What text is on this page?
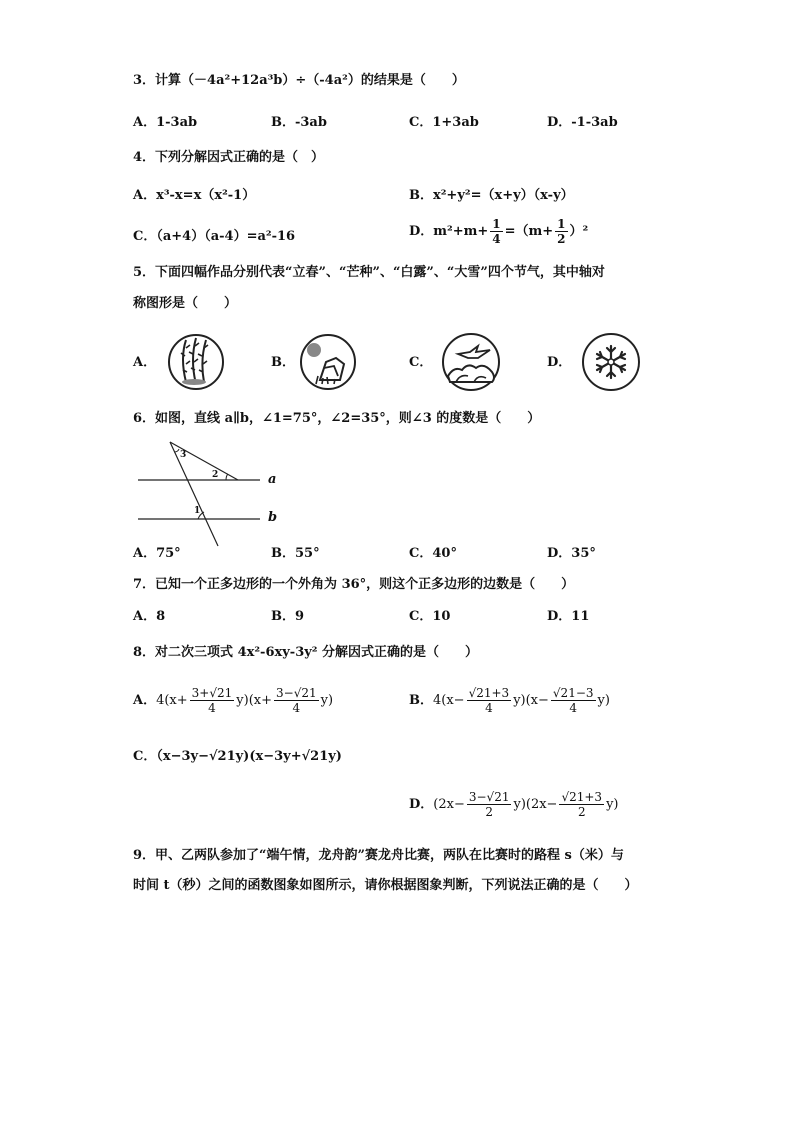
3．计算（－4a²+12a³b）÷（-4a²）的结果是（　　）
A．1-3ab	B．-3ab	C．1+3ab	D．-1-3ab
4．下列分解因式正确的是（　）
A．x³-x=x（x²-1）	B．x²+y²=（x+y）（x-y）
C．（a+4）（a-4）=a²-16	D．$m^2+m+ \frac{1}{4} =(m+ \frac{1}{2} )^2$
5．下面四幅作品分别代表“立春”、“芒种”、“白露”、“大雪”四个节气，其中轴对
称图形是（　　）
A．	B．	C．	D．
6．如图，直线 a∥b，∠1=75°，∠2=35°，则∠3 的度数是（　　）
3
2
1
a
b
A．75°	B．55°	C．40°	D．35°
7．已知一个正多边形的一个外角为 36°，则这个正多边形的边数是（　　）
A．8	B．9	C．10	D．11
8．对二次三项式 4x²-6xy-3y² 分解因式正确的是（　　）
A．$4(x+ \frac{3+√21}{4} y)(x+ \frac{3-√21}{4} y)$	B．$4(x- \frac{√21+3}{4} y)(x- \frac{√21-3}{4} y)$
C．（x−3y−√21y)(x−3y+√21y)
D．$(2x- \frac{3-√21}{2} y)(2x- \frac{√21+3}{2} y)$
9．甲、乙两队参加了“端午情，龙舟韵”赛龙舟比赛，两队在比赛时的路程 s（米）与
时间 t（秒）之间的函数图象如图所示，请你根据图象判断，下列说法正确的是（　　）
